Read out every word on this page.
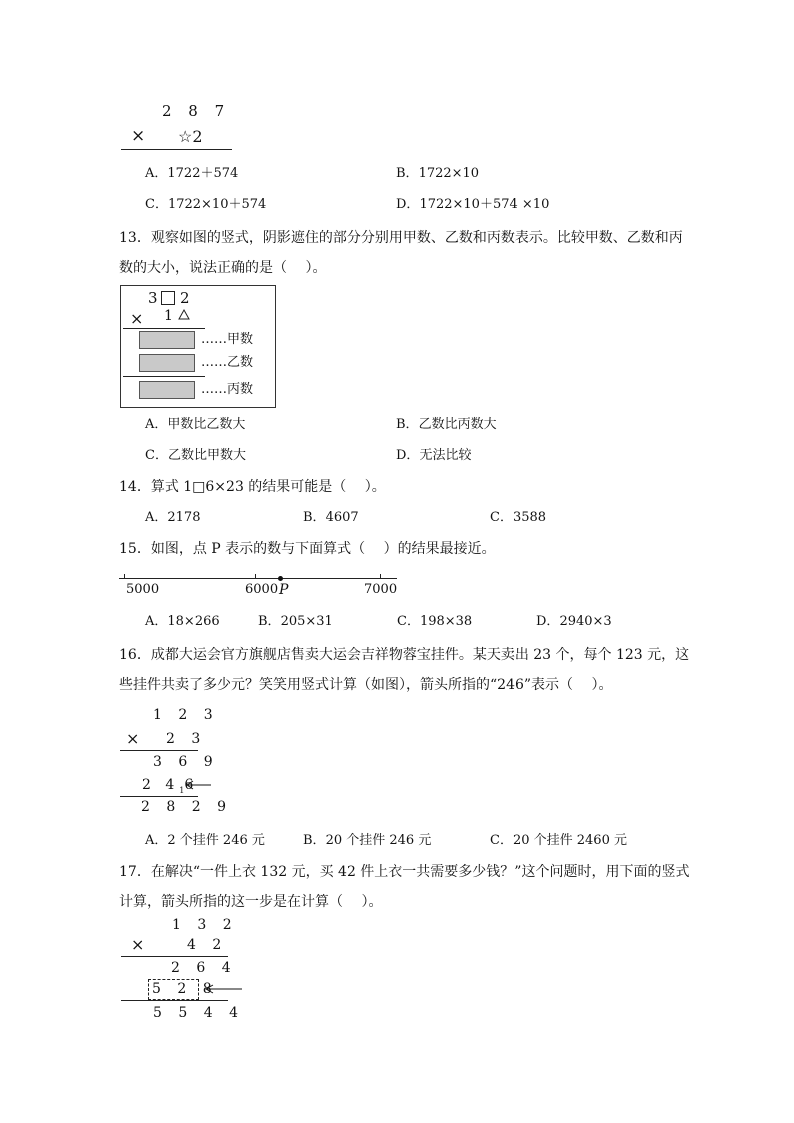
2 8 7
× ☆2
A．1722＋574	B．1722×10
C．1722×10＋574	D．1722×10＋574 ×10
13．观察如图的竖式，阴影遮住的部分分别用甲数、乙数和丙数表示。比较甲数、乙数和丙
数的大小，说法正确的是（　 ）。
3 2
× 1
……甲数
……乙数
……丙数
A．甲数比乙数大	B．乙数比丙数大
C．乙数比甲数大	D．无法比较
14．算式 1□6×23 的结果可能是（　 ）。
A．2178	B．4607	C．3588
15．如图，点 P 表示的数与下面算式（　 ）的结果最接近。
5000	6000 P	7000
A．18×266	B．205×31	C．198×38	D．2940×3
16．成都大运会官方旗舰店售卖大运会吉祥物蓉宝挂件。某天卖出 23 个，每个 123 元，这
些挂件共卖了多少元？笑笑用竖式计算（如图），箭头所指的“246”表示（　 ）。
1 2 3
× 2 3
3 6 9
2 $4_16$
2 8 2 9
A．2 个挂件 246 元	B．20 个挂件 246 元	C．20 个挂件 2460 元
17．在解决“一件上衣 132 元，买 42 件上衣一共需要多少钱？”这个问题时，用下面的竖式
计算，箭头所指的这一步是在计算（　 ）。
1 3 2
×	4 2
2 6 4
5 2 8
5 5 4 4
